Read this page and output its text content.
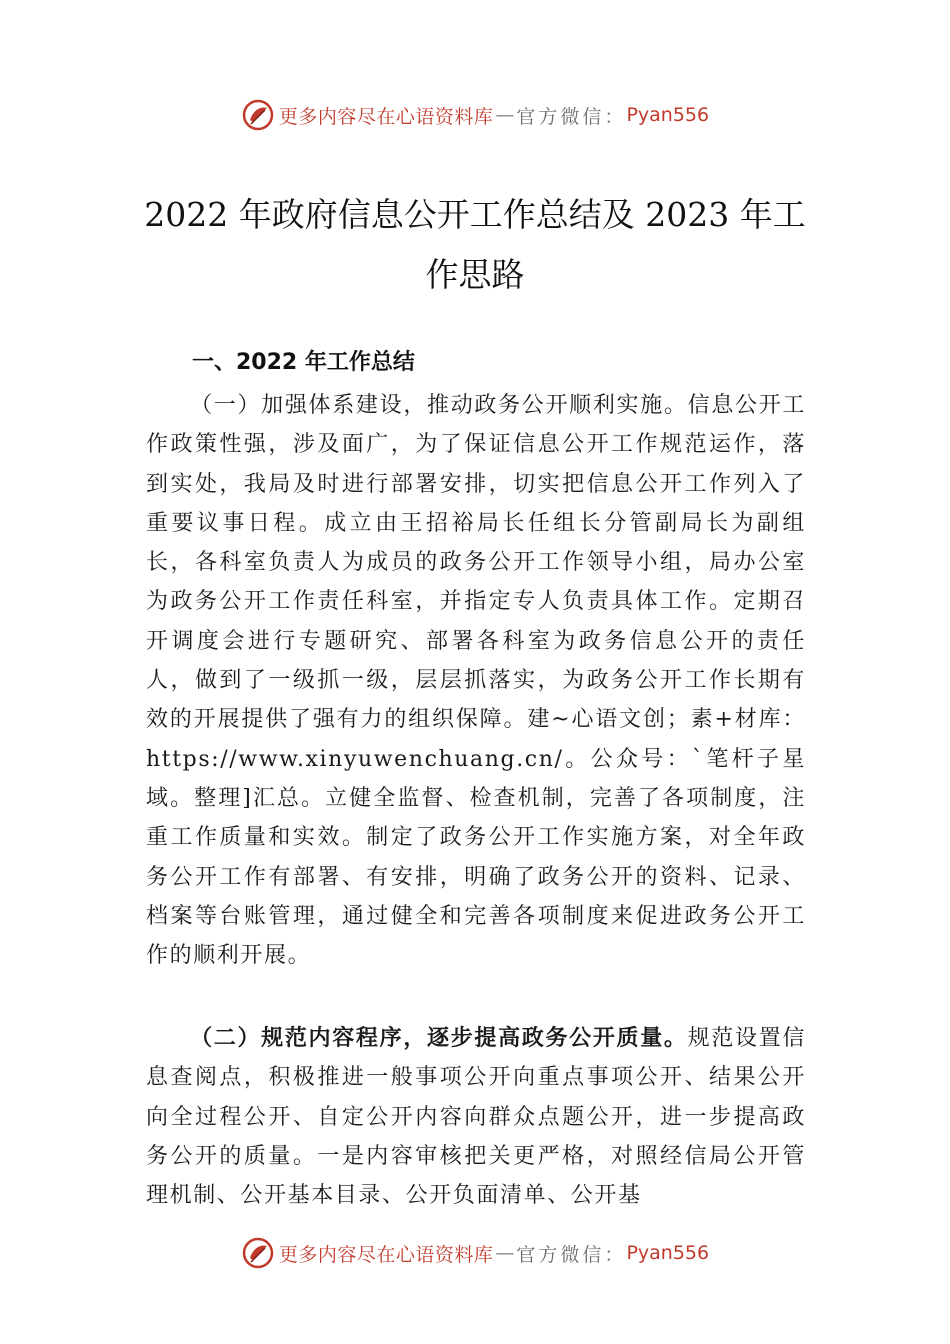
更多内容尽在心语资料库 — 官方微信： Pyan556
2022 年政府信息公开工作总结及 2023 年工
作思路
一、2022 年工作总结
（一）加强体系建设，推动政务公开顺利实施。信息公开工作政策性强，涉及面广，为了保证信息公开工作规范运作，落到实处，我局及时进行部署安排，切实把信息公开工作列入了重要议事日程。成立由王招裕局长任组长分管副局长为副组长，各科室负责人为成员的政务公开工作领导小组，局办公室为政务公开工作责任科室，并指定专人负责具体工作。定期召开调度会进行专题研究、部署各科室为政务信息公开的责任人，做到了一级抓一级，层层抓落实，为政务公开工作长期有效的开展提供了强有力的组织保障。建~心语文创；素+材库：https://www.xinyuwenchuang.cn/。公众号：`笔杆子星域。整理]汇总。立健全监督、检查机制，完善了各项制度，注重工作质量和实效。制定了政务公开工作实施方案，对全年政务公开工作有部署、有安排，明确了政务公开的资料、记录、档案等台账管理，通过健全和完善各项制度来促进政务公开工作的顺利开展。
（二）规范内容程序，逐步提高政务公开质量。规范设置信息查阅点，积极推进一般事项公开向重点事项公开、结果公开向全过程公开、自定公开内容向群众点题公开，进一步提高政务公开的质量。一是内容审核把关更严格，对照经信局公开管理机制、公开基本目录、公开负面清单、公开基
更多内容尽在心语资料库 — 官方微信： Pyan556
